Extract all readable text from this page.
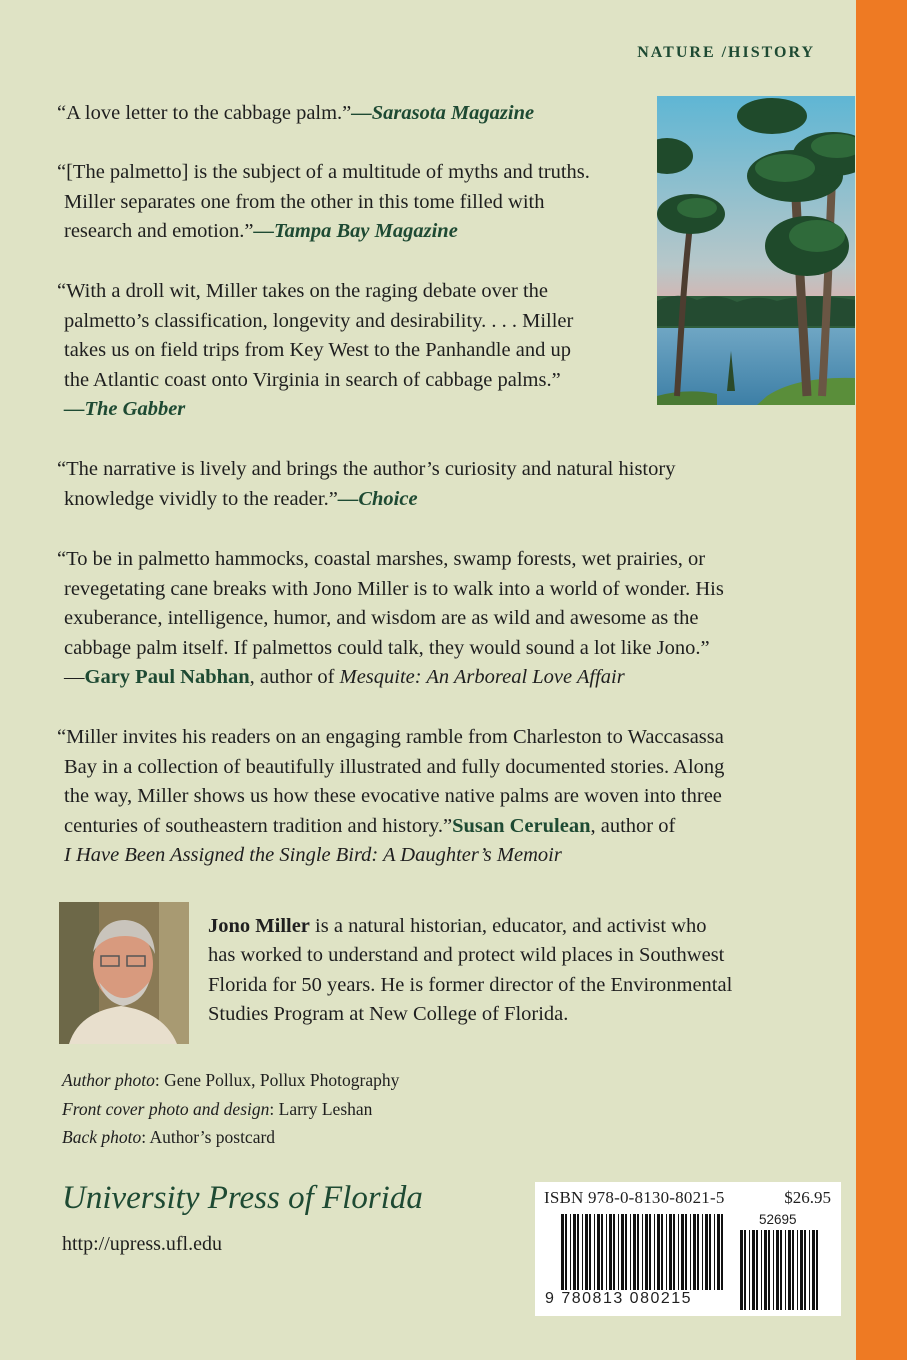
NATURE /HISTORY
“A love letter to the cabbage palm.”—Sarasota Magazine
“[The palmetto] is the subject of a multitude of myths and truths.
Miller separates one from the other in this tome filled with
research and emotion.”—Tampa Bay Magazine
“With a droll wit, Miller takes on the raging debate over the
palmetto’s classification, longevity and desirability. . . . Miller
takes us on field trips from Key West to the Panhandle and up
the Atlantic coast onto Virginia in search of cabbage palms.”
—The Gabber
“The narrative is lively and brings the author’s curiosity and natural history
knowledge vividly to the reader.”—Choice
“To be in palmetto hammocks, coastal marshes, swamp forests, wet prairies, or
revegetating cane breaks with Jono Miller is to walk into a world of wonder. His
exuberance, intelligence, humor, and wisdom are as wild and awesome as the
cabbage palm itself. If palmettos could talk, they would sound a lot like Jono.”
—Gary Paul Nabhan, author of Mesquite: An Arboreal Love Affair
“Miller invites his readers on an engaging ramble from Charleston to Waccasassa
Bay in a collection of beautifully illustrated and fully documented stories. Along
the way, Miller shows us how these evocative native palms are woven into three
centuries of southeastern tradition and history.”Susan Cerulean, author of
I Have Been Assigned the Single Bird: A Daughter’s Memoir
Jono Miller is a natural historian, educator, and activist who
has worked to understand and protect wild places in Southwest
Florida for 50 years. He is former director of the Environmental
Studies Program at New College of Florida.
Author photo: Gene Pollux, Pollux Photography
Front cover photo and design: Larry Leshan
Back photo: Author’s postcard
University Press of Florida
http://upress.ufl.edu
ISBN 978-0-8130-8021-5	$26.95
52695
9 780813 080215
